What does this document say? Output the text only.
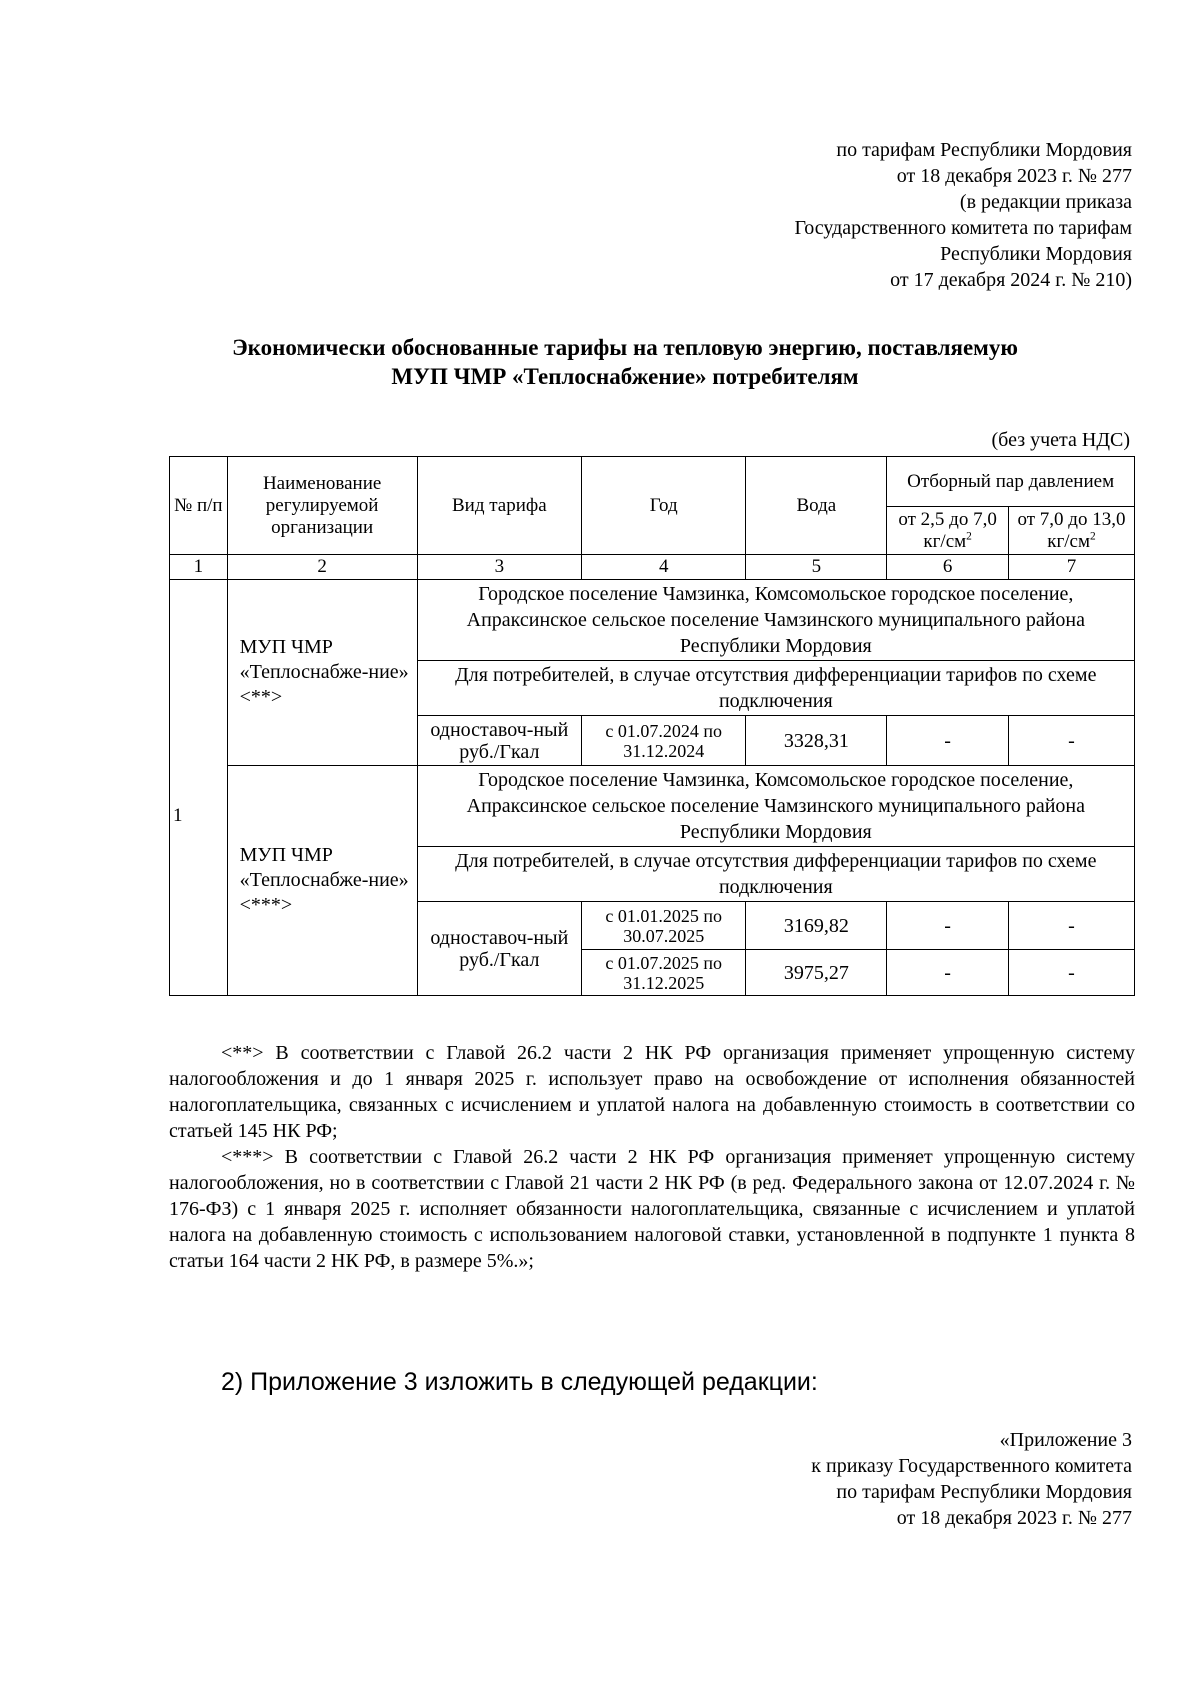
по тарифам Республики Мордовия
от 18 декабря 2023 г. № 277
(в редакции приказа
Государственного комитета по тарифам
Республики Мордовия
от 17 декабря 2024 г. № 210)
Экономически обоснованные тарифы на тепловую энергию, поставляемую
МУП ЧМР «Теплоснабжение» потребителям
(без учета НДС)
№ п/п	Наименование регулируемой организации	Вид тарифа	Год	Вода	Отборный пар давлением	
					от 2,5 до 7,0 $кг/см^2$	от 7,0 до 13,0 $кг/см^2$
1	2	3	4	5	6	7
1	МУП ЧМР «Теплоснабже-ние» <**>	Городское поселение Чамзинка, Комсомольское городское поселение, Апраксинское сельское поселение Чамзинского муниципального района Республики Мордовия				
		Для потребителей, в случае отсутствия дифференциации тарифов по схеме подключения				
		одноставоч-ный руб./Гкал	с 01.07.2024 по 31.12.2024	3328,31	-	-
	МУП ЧМР «Теплоснабже-ние» <***>	Городское поселение Чамзинка, Комсомольское городское поселение, Апраксинское сельское поселение Чамзинского муниципального района Республики Мордовия				
		Для потребителей, в случае отсутствия дифференциации тарифов по схеме подключения				
		одноставоч-ный руб./Гкал	с 01.01.2025 по 30.07.2025	3169,82	-	-
			с 01.07.2025 по 31.12.2025	3975,27	-	-

<**> В соответствии с Главой 26.2 части 2 НК РФ организация применяет упрощенную систему налогообложения и до 1 января 2025 г. использует право на освобождение от исполнения обязанностей налогоплательщика, связанных с исчислением и уплатой налога на добавленную стоимость в соответствии со статьей 145 НК РФ;

<***> В соответствии с Главой 26.2 части 2 НК РФ организация применяет упрощенную систему налогообложения, но в соответствии с Главой 21 части 2 НК РФ (в ред. Федерального закона от 12.07.2024 г. № 176-ФЗ) с 1 января 2025 г. исполняет обязанности налогоплательщика, связанные с исчислением и уплатой налога на добавленную стоимость с использованием налоговой ставки, установленной в подпункте 1 пункта 8 статьи 164 части 2 НК РФ, в размере 5%.»;

2) Приложение 3 изложить в следующей редакции:
«Приложение 3
к приказу Государственного комитета
по тарифам Республики Мордовия
от 18 декабря 2023 г. № 277
